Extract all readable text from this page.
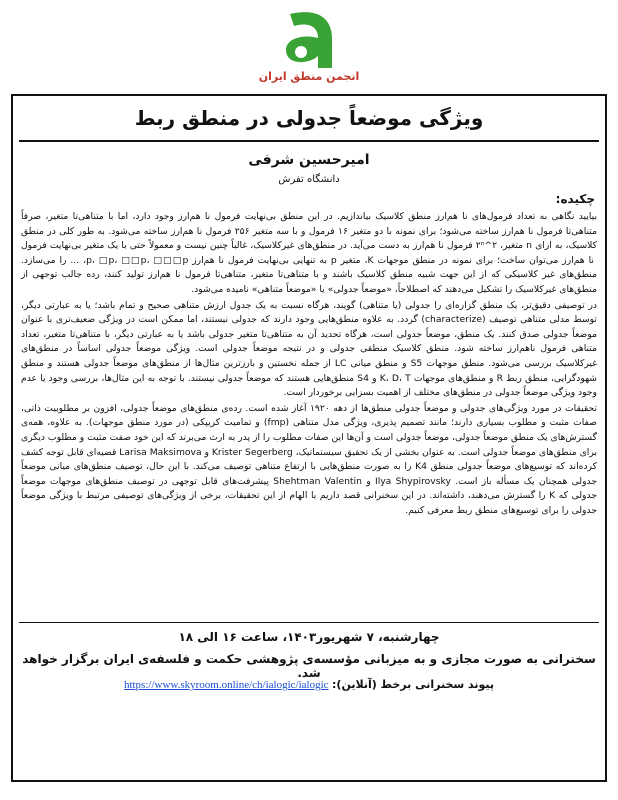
انجمن منطق ایران
ویژگی موضعاً جدولی در منطق ربط
امیرحسین شرفی
دانشگاه تفرش
چکیده:

بیایید نگاهی به تعداد فرمول‌های نا هم‌ارز منطق کلاسیک بیاندازیم. در این منطق بی‌نهایت فرمول نا هم‌ارز وجود دارد، اما با متناهی‌تا متغیر، صرفاً متناهی‌تا فرمول نا هم‌ارز ساخته می‌شود؛ برای نمونه با دو متغیر ۱۶ فرمول و با سه متغیر ۲۵۶ فرمول نا هم‌ارز ساخته می‌شود. به طور کلی در منطق کلاسیک، به ازای n متغیر، ۲^۲ⁿ فرمول نا هم‌ارز به دست می‌آید. در منطق‌های غیرکلاسیک، غالباً چنین نیست و معمولاً حتی با یک متغیر بی‌نهایت فرمول نا هم‌ارز می‌توان ساخت؛ برای نمونه در منطق موجهات K، متغیر p به تنهایی بی‌نهایت فرمول نا هم‌ارز p، □p، □□p، □□□p، ... را می‌سازد. منطق‌های غیر کلاسیکی که از این جهت شبیه منطق کلاسیک باشند و با متناهی‌تا متغیر، متناهی‌تا فرمول نا هم‌ارز تولید کنند، رده جالب توجهی از منطق‌های غیرکلاسیک را تشکیل می‌دهند که اصطلاحاً، «موضعاً جدولی» یا «موضعاً متناهی» نامیده می‌شود.

در توصیفی دقیق‌تر، یک منطق گزاره‌ای را جدولی (یا متناهی) گویند، هرگاه نسبت به یک جدول ارزش متناهی صحیح و تمام باشد؛ یا به عبارتی دیگر، توسط مدلی متناهی توصیف (characterize) گردد. به علاوه منطق‌هایی وجود دارند که جدولی نیستند، اما ممکن است در ویژگی ضعیف‌تری با عنوان موضعاً جدولی صدق کنند. یک منطق، موضعاً جدولی است، هرگاه تحدید آن به متناهی‌تا متغیر جدولی باشد یا به عبارتی دیگر، با متناهی‌تا متغیر، تعداد متناهی فرمول ناهم‌ارز ساخته شود. منطق کلاسیک منطقی جدولی و در نتیجه موضعاً جدولی است. ویژگی موضعاً جدولی اساساً در منطق‌های غیرکلاسیک بررسی می‌شود. منطق موجهات S5 و منطق میانی LC از جمله نخستین و بارزترین مثال‌ها از منطق‌های موضعاً جدولی هستند و منطق شهودگرایی، منطق ربط R و منطق‌های موجهات K، D، T و S4 منطق‌هایی هستند که موضعاً جدولی نیستند. با توجه به این مثال‌ها، بررسی وجود یا عدم وجود ویژگی موضعاً جدولی در منطق‌های مختلف از اهمیت بسزایی برخوردار است.

تحقیقات در مورد ویژگی‌های جدولی و موضعاً جدولی منطق‌ها از دهه ۱۹۲۰ آغاز شده است. رده‌ی منطق‌های موضعاً جدولی، افزون بر مطلوبیت ذاتی، صفات مثبت و مطلوب بسیاری دارند؛ مانند تصمیم پذیری، ویژگی مدل متناهی (fmp) و تمامیت کریپکی (در مورد منطق موجهات). به علاوه، همه‌ی گسترش‌های یک منطق موضعاً جدولی، موضعاً جدولی است و آن‌ها این صفات مطلوب را از پدر به ارث می‌برند که این خود صفت مثبت و مطلوب دیگری برای منطق‌های موضعاً جدولی است. به عنوان بخشی از یک تحقیق سیستماتیک، Krister Segerberg و Larisa Maksimova قضیه‌ای قابل توجه کشف کرده‌اند که توسیع‌های موضعاً جدولی منطق K4 را به صورت منطق‌هایی با ارتفاع متناهی توصیف می‌کند. با این حال، توصیف منطق‌های میانی موضعاً جدولی همچنان یک مسأله باز است. Ilya Shypirovsky و Shehtman Valentin پیشرفت‌های قابل توجهی در توصیف منطق‌های موجهات موضعاً جدولی که K را گسترش می‌دهند، داشته‌اند. در این سخنرانی قصد داریم با الهام از این تحقیقات، برخی از ویژگی‌های توصیفی مرتبط با ویژگی موضعاً جدولی را برای توسیع‌های منطق ربط معرفی کنیم.

چهارشنبه، ۷ شهریور۱۴۰۳، ساعت ۱۶ الی ۱۸
سخنرانی به صورت مجازی و به میزبانی مؤسسه‌ی پژوهشی حکمت و فلسفه‌ی ایران برگزار خواهد شد.
پیوند سخنرانی برخط (آنلاین): https://www.skyroom.online/ch/ialogic/ialogic
